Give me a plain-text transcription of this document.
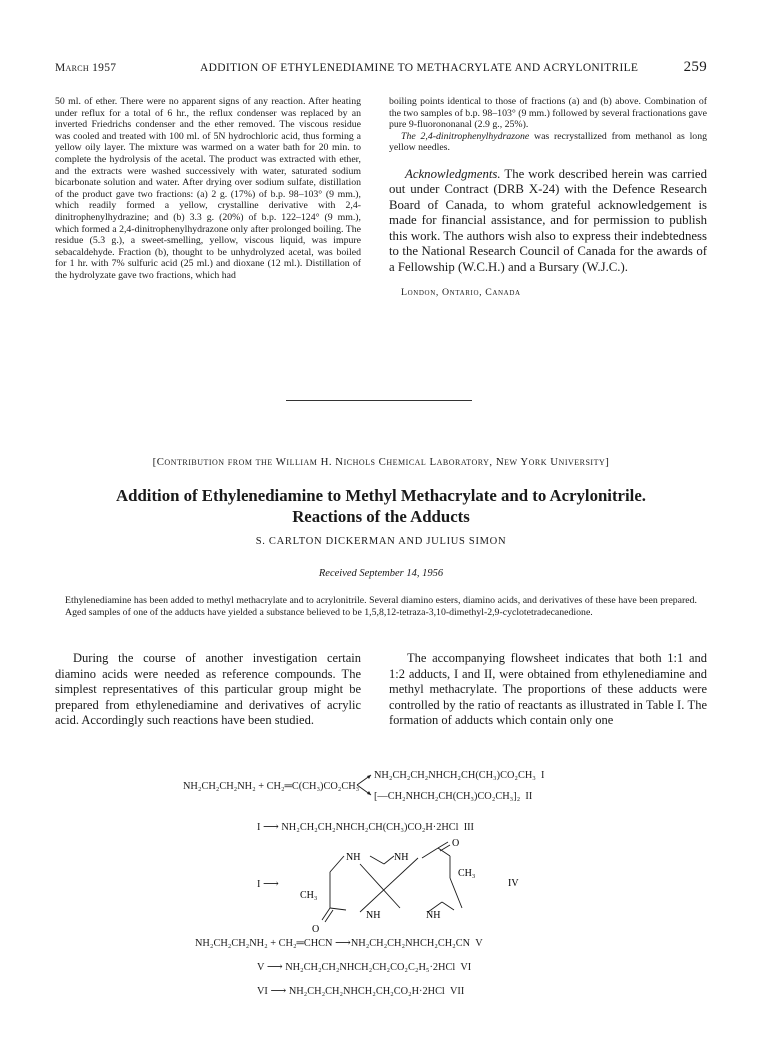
March 1957	ADDITION OF ETHYLENEDIAMINE TO METHACRYLATE AND ACRYLONITRILE	259

50 ml. of ether. There were no apparent signs of any reaction. After heating under reflux for a total of 6 hr., the reflux condenser was replaced by an inverted Friedrichs condenser and the ether removed. The viscous residue was cooled and treated with 100 ml. of 5N hydrochloric acid, thus forming a yellow oily layer. The mixture was warmed on a water bath for 20 min. to complete the hydrolysis of the acetal. The product was extracted with ether, and the extracts were washed successively with water, saturated sodium bicarbonate solution and water. After drying over sodium sulfate, distillation of the product gave two fractions: (a) 2 g. (17%) of b.p. 98–103° (9 mm.), which readily formed a yellow, crystalline derivative with 2,4-dinitrophenylhydrazine; and (b) 3.3 g. (20%) of b.p. 122–124° (9 mm.), which formed a 2,4-dinitrophenylhydrazone only after prolonged boiling. The residue (5.3 g.), a sweet-smelling, yellow, viscous liquid, was impure sebacaldehyde. Fraction (b), thought to be unhydrolyzed acetal, was boiled for 1 hr. with 7% sulfuric acid (25 ml.) and dioxane (12 ml.). Distillation of the hydrolyzate gave two fractions, which had

boiling points identical to those of fractions (a) and (b) above. Combination of the two samples of b.p. 98–103° (9 mm.) followed by several fractionations gave pure 9-fluorononanal (2.9 g., 25%).

The 2,4-dinitrophenylhydrazone was recrystallized from methanol as long yellow needles.

Acknowledgments. The work described herein was carried out under Contract (DRB X-24) with the Defence Research Board of Canada, to whom grateful acknowledgement is made for financial assistance, and for permission to publish this work. The authors wish also to express their indebtedness to the National Research Council of Canada for the awards of a Fellowship (W.C.H.) and a Bursary (W.J.C.).

London, Ontario, Canada

[Contribution from the William H. Nichols Chemical Laboratory, New York University]
Addition of Ethylenediamine to Methyl Methacrylate and to Acrylonitrile.
Reactions of the Adducts
S. CARLTON DICKERMAN AND JULIUS SIMON
Received September 14, 1956
Ethylenediamine has been added to methyl methacrylate and to acrylonitrile. Several diamino esters, diamino acids, and derivatives of these have been prepared. Aged samples of one of the adducts have yielded a substance believed to be 1,5,8,12-tetraza-3,10-dimethyl-2,9-cyclotetradecanedione.
During the course of another investigation certain diamino acids were needed as reference compounds. The simplest representatives of this particular group might be prepared from ethylenediamine and derivatives of acrylic acid. Accordingly such reactions have been studied.
The accompanying flowsheet indicates that both 1:1 and 1:2 adducts, I and II, were obtained from ethylenediamine and methyl methacrylate. The proportions of these adducts were controlled by the ratio of reactants as illustrated in Table I. The formation of adducts which contain only one
NH₂CH₂CH₂NH₂ + CH₂═C(CH₃)CO₂CH₃
NH₂CH₂CH₂NHCH₂CH(CH₃)CO₂CH₃ I
[—CH₂NHCH₂CH(CH₃)CO₂CH₃]₂ II
I ⟶ NH₂CH₂CH₂NHCH₂CH(CH₃)CO₂H·2HCl III
I ⟶
NH	NH
O
CH₃
IV
CH₃
O
NH	NH
NH₂CH₂CH₂NH₂ + CH₂═CHCN ⟶NH₂CH₂CH₂NHCH₂CH₂CN V
V ⟶ NH₂CH₂CH₂NHCH₂CH₂CO₂C₂H₅·2HCl VI
VI ⟶ NH₂CH₂CH₂NHCH₂CH₂CO₂H·2HCl VII
